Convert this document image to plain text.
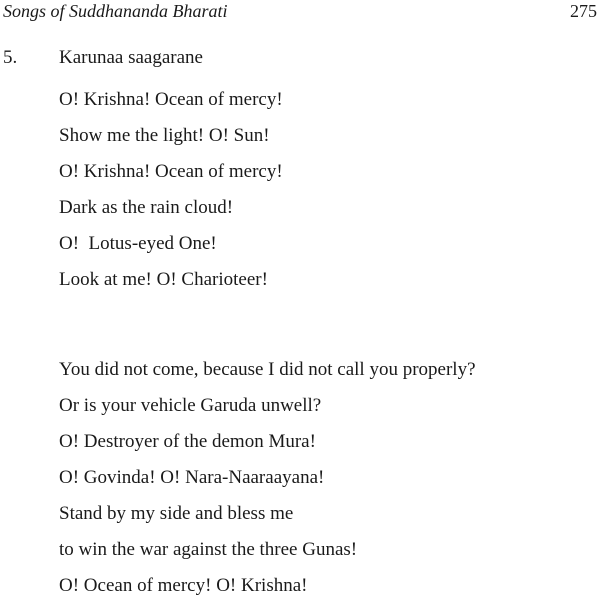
Songs of Suddhananda Bharati	275
5. Karunaa saagarane
O! Krishna! Ocean of mercy!
Show me the light! O! Sun!
O! Krishna! Ocean of mercy!
Dark as the rain cloud!
O!  Lotus-eyed One!
Look at me! O! Charioteer!
You did not come, because I did not call you properly?
Or is your vehicle Garuda unwell?
O! Destroyer of the demon Mura!
O! Govinda! O! Nara-Naaraayana!
Stand by my side and bless me
to win the war against the three Gunas!
O! Ocean of mercy! O! Krishna!
